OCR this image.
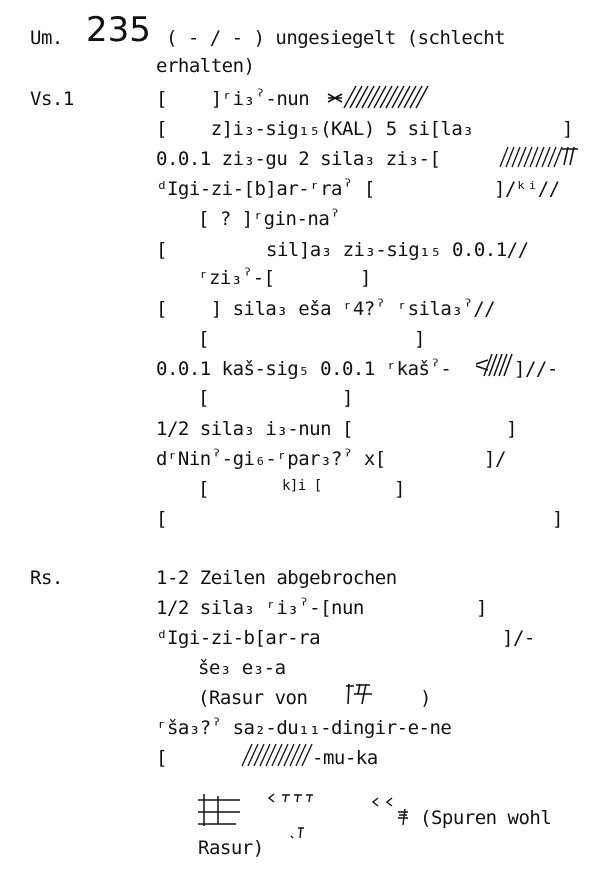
Um. 235 ( - / - ) ungesiegelt (schlecht
erhalten)
Vs.1	[    ]ʳi₃ˀ-nun
[    z]i₃-sig₁₅(KAL) 5 si[la₃	]
0.0.1 zi₃-gu 2 sila₃ zi₃-[
ᵈIgi-zi-[b]ar-ʳraˀ [	]/ᵏⁱ//
[ ? ]ʳgin-naˀ
[	sil]a₃ zi₃-sig₁₅ 0.0.1//
ʳzi₃ˀ-[	]
[    ] sila₃ eša ʳ4?ˀ ʳsila₃ˀ//
[	]
0.0.1 kaš-sig₅ 0.0.1 ʳkašˀ-	]//-
[	]
1/2 sila₃ i₃-nun [	]
dʳNinˀ-gi₆-ʳpar₃?ˀ x[	]/
[	k]i [	]
[	]
Rs.	1-2 Zeilen abgebrochen
1/2 sila₃ ʳi₃ˀ-[nun	]
ᵈIgi-zi-b[ar-ra	]/-
še₃ e₃-a
(Rasur von	)
ʳša₃?ˀ sa₂-du₁₁-dingir-e-ne
[	-mu-ka
(Spuren wohl
Rasur)
